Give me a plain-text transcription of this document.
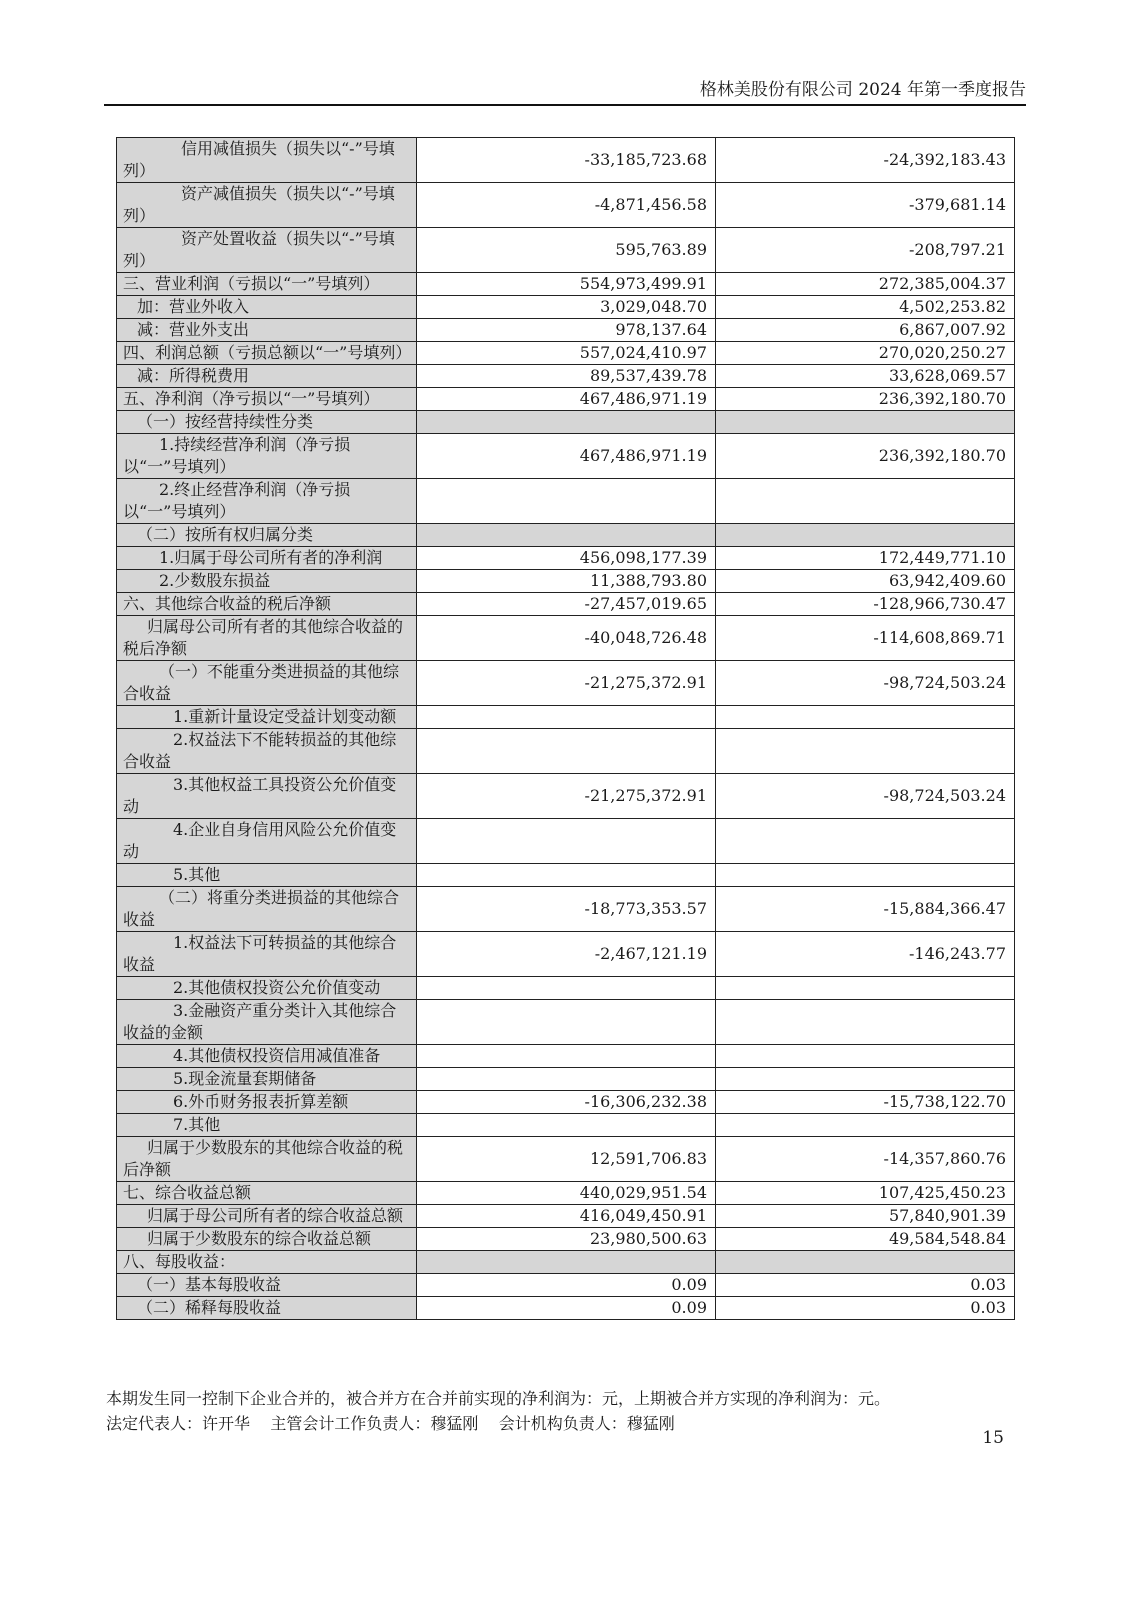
格林美股份有限公司 2024 年第一季度报告
信用减值损失（损失以“-”号填列）	-33,185,723.68	-24,392,183.43
资产减值损失（损失以“-”号填列）	-4,871,456.58	-379,681.14
资产处置收益（损失以“-”号填列）	595,763.89	-208,797.21
三、营业利润（亏损以“一”号填列）	554,973,499.91	272,385,004.37
加：营业外收入	3,029,048.70	4,502,253.82
减：营业外支出	978,137.64	6,867,007.92
四、利润总额（亏损总额以“一”号填列）	557,024,410.97	270,020,250.27
减：所得税费用	89,537,439.78	33,628,069.57
五、净利润（净亏损以“一”号填列）	467,486,971.19	236,392,180.70
（一）按经营持续性分类		
1.持续经营净利润（净亏损以“一”号填列）	467,486,971.19	236,392,180.70
2.终止经营净利润（净亏损以“一”号填列）		
（二）按所有权归属分类		
1.归属于母公司所有者的净利润	456,098,177.39	172,449,771.10
2.少数股东损益	11,388,793.80	63,942,409.60
六、其他综合收益的税后净额	-27,457,019.65	-128,966,730.47
归属母公司所有者的其他综合收益的税后净额	-40,048,726.48	-114,608,869.71
（一）不能重分类进损益的其他综合收益	-21,275,372.91	-98,724,503.24
1.重新计量设定受益计划变动额		
2.权益法下不能转损益的其他综合收益		
3.其他权益工具投资公允价值变动	-21,275,372.91	-98,724,503.24
4.企业自身信用风险公允价值变动		
5.其他		
（二）将重分类进损益的其他综合收益	-18,773,353.57	-15,884,366.47
1.权益法下可转损益的其他综合收益	-2,467,121.19	-146,243.77
2.其他债权投资公允价值变动		
3.金融资产重分类计入其他综合收益的金额		
4.其他债权投资信用减值准备		
5.现金流量套期储备		
6.外币财务报表折算差额	-16,306,232.38	-15,738,122.70
7.其他		
归属于少数股东的其他综合收益的税后净额	12,591,706.83	-14,357,860.76
七、综合收益总额	440,029,951.54	107,425,450.23
归属于母公司所有者的综合收益总额	416,049,450.91	57,840,901.39
归属于少数股东的综合收益总额	23,980,500.63	49,584,548.84
八、每股收益：		
（一）基本每股收益	0.09	0.03
（二）稀释每股收益	0.09	0.03
本期发生同一控制下企业合并的，被合并方在合并前实现的净利润为：元，上期被合并方实现的净利润为：元。
法定代表人：许开华    主管会计工作负责人：穆猛刚    会计机构负责人：穆猛刚
15
